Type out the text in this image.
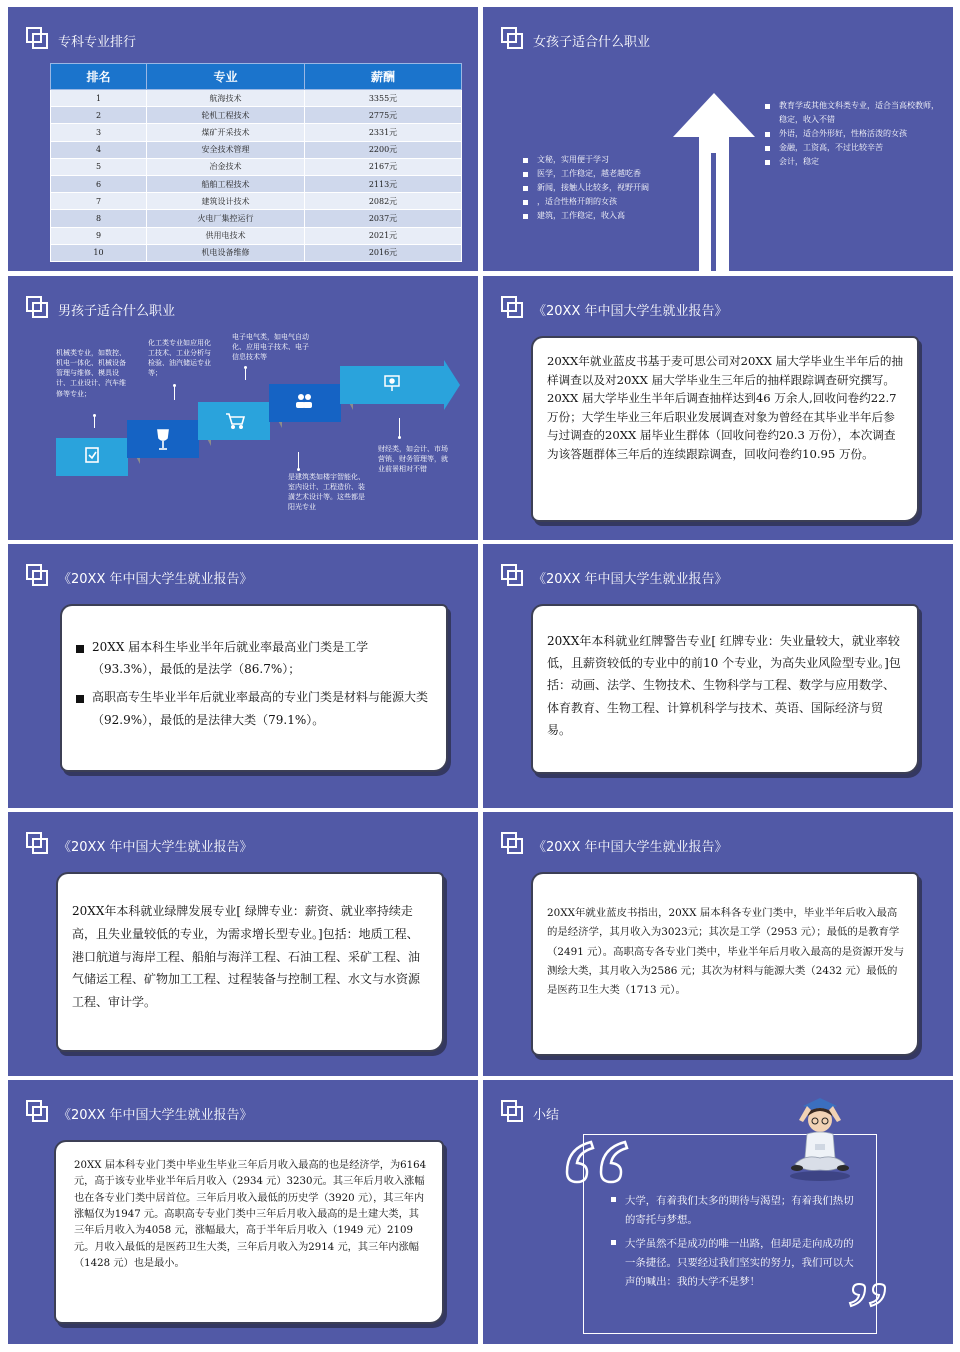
专科专业排行
排名	专业	薪酬
1	航海技术	3355元
2	轮机工程技术	2775元
3	煤矿开采技术	2331元
4	安全技术管理	2200元
5	冶金技术	2167元
6	船舶工程技术	2113元
7	建筑设计技术	2082元
8	火电厂集控运行	2037元
9	供用电技术	2021元
10	机电设备维修	2016元
女孩子适合什么职业
文秘，实用便于学习
医学，工作稳定，越老越吃香
新闻，接触人比较多，视野开阔
，适合性格开朗的女孩
建筑，工作稳定，收入高
教育学或其他文科类专业，适合当高校教师，稳定，收入不错
外语，适合外形好，性格活泼的女孩
金融，工资高，不过比较辛苦
会计，稳定
男孩子适合什么职业
机械类专业，如数控、机电一体化、机械设备管理与维修、模具设计、工业设计、汽车维修等专业；
化工类专业如应用化工技术、工业分析与检验、油汽储运专业等；
电子电气类，如电气自动化、应用电子技术、电子信息技术等
财经类，如会计、市场营销、财务管理等，就业前景相对不错
是建筑类如楼宇智能化、室内设计、工程造价、装潢艺术设计等。这些都是阳光专业
《20XX 年中国大学生就业报告》

20XX年就业蓝皮书基于麦可思公司对20XX 届大学毕业生半年后的抽样调查以及对20XX 届大学毕业生三年后的抽样跟踪调查研究撰写。20XX 届大学毕业生半年后调查抽样达到46 万余人,回收问卷约22.7 万份；大学生毕业三年后职业发展调查对象为曾经在其毕业半年后参与过调查的20XX 届毕业生群体（回收问卷约20.3 万份），本次调查为该答题群体三年后的连续跟踪调查，回收问卷约10.95 万份。

《20XX 年中国大学生就业报告》
20XX 届本科生毕业半年后就业率最高业门类是工学（93.3%），最低的是法学（86.7%）；
高职高专生毕业半年后就业率最高的专业门类是材料与能源大类（92.9%），最低的是法律大类（79.1%）。
《20XX 年中国大学生就业报告》

20XX年本科就业红牌警告专业[ 红牌专业：失业量较大，就业率较低，且薪资较低的专业中的前10 个专业，为高失业风险型专业。]包括：动画、法学、生物技术、生物科学与工程、数学与应用数学、体育教育、生物工程、计算机科学与技术、英语、国际经济与贸易。

《20XX 年中国大学生就业报告》

20XX年本科就业绿牌发展专业[ 绿牌专业：薪资、就业率持续走高，且失业量较低的专业，为需求增长型专业。]包括：地质工程、港口航道与海岸工程、船舶与海洋工程、石油工程、采矿工程、油气储运工程、矿物加工工程、过程装备与控制工程、水文与水资源工程、审计学。

《20XX 年中国大学生就业报告》

20XX年就业蓝皮书指出，20XX 届本科各专业门类中，毕业半年后收入最高的是经济学，其月收入为3023元；其次是工学（2953 元）；最低的是教育学（2491 元）。高职高专各专业门类中，毕业半年后月收入最高的是资源开发与测绘大类，其月收入为2586 元；其次为材料与能源大类（2432 元）最低的是医药卫生大类（1713 元）。

《20XX 年中国大学生就业报告》

20XX 届本科专业门类中毕业生毕业三年后月收入最高的也是经济学，为6164 元，高于该专业毕业半年后月收入（2934 元）3230元。其三年后月收入涨幅也在各专业门类中居首位。三年后月收入最低的历史学（3920 元），其三年内涨幅仅为1947 元。高职高专专业门类中三年后月收入最高的是土建大类，其三年后月收入为4058 元，涨幅最大，高于半年后月收入（1949 元）2109 元。月收入最低的是医药卫生大类，三年后月收入为2914 元，其三年内涨幅（1428 元）也是最小。

小结
大学，有着我们太多的期待与渴望；有着我们热切的寄托与梦想。
大学虽然不是成功的唯一出路，但却是走向成功的一条捷径。只要经过我们坚实的努力，我们可以大声的喊出：我的大学不是梦！
